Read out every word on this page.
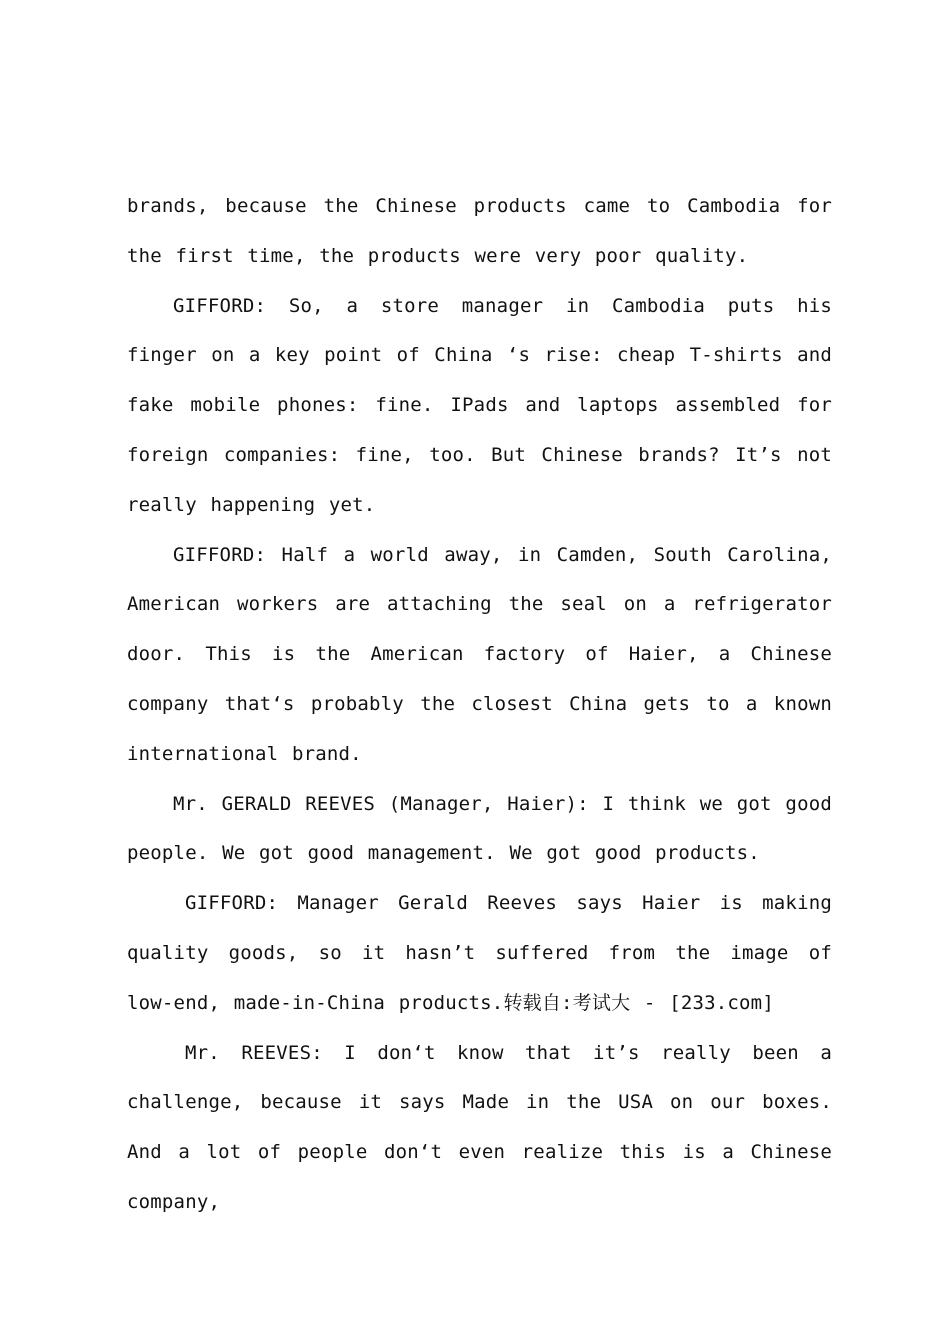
brands, because the Chinese products came to Cambodia for the first time, the products were very poor quality.

GIFFORD: So, a store manager in Cambodia puts his finger on a key point of China ‘s rise: cheap T-shirts and fake mobile phones: fine. IPads and laptops assembled for foreign companies: fine, too. But Chinese brands? It’s not really happening yet.

GIFFORD: Half a world away, in Camden, South Carolina, American workers are attaching the seal on a refrigerator door. This is the American factory of Haier, a Chinese company that‘s probably the closest China gets to a known international brand.

Mr. GERALD REEVES (Manager, Haier): I think we got good people. We got good management. We got good products.

GIFFORD: Manager Gerald Reeves says Haier is making quality goods, so it hasn’t suffered from the image of low-end, made-in-China products.转载自:考试大 - [233.com]

Mr. REEVES: I don‘t know that it’s really been a challenge, because it says Made in the USA on our boxes. And a lot of people don‘t even realize this is a Chinese company,
